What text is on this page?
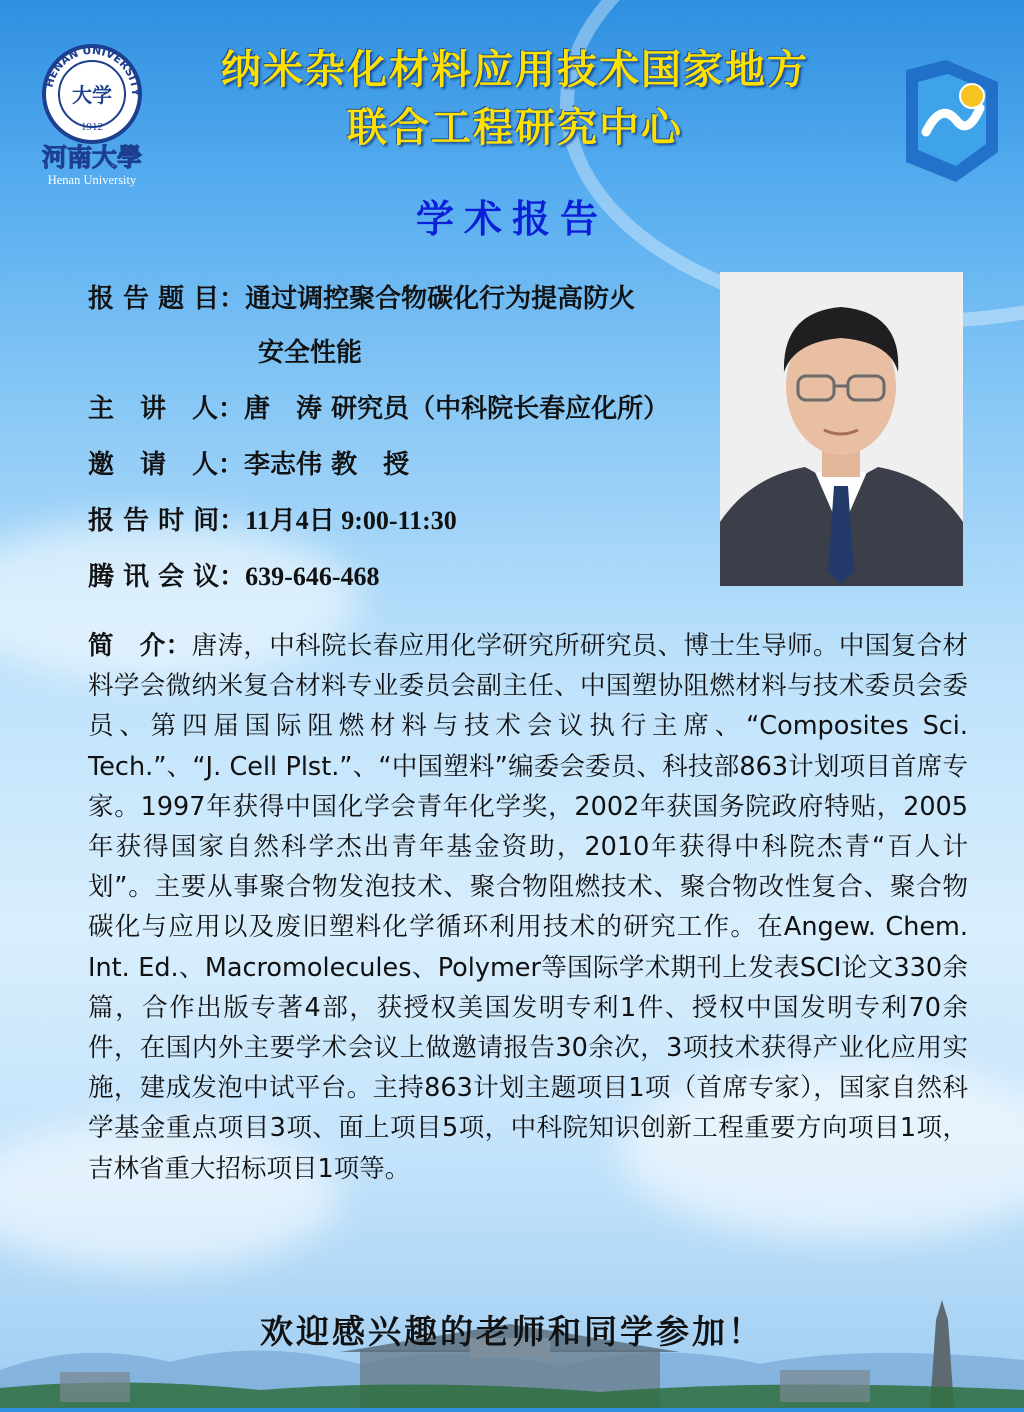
HENAN UNIVERSITY
大学
1912
河南大學
Henan University
纳米杂化材料应用技术国家地方
联合工程研究中心
学术报告
报 告 题 目：通过调控聚合物碳化行为提高防火
安全性能
主　讲　人：唐　涛 研究员（中科院长春应化所）
邀　请　人：李志伟 教　授
报 告 时 间：11月4日 9:00-11:30
腾 讯 会 议：639-646-468
简　介：唐涛，中科院长春应用化学研究所研究员、博士生导师。中国复合材料学会微纳米复合材料专业委员会副主任、中国塑协阻燃材料与技术委员会委员、第四届国际阻燃材料与技术会议执行主席、“Composites Sci. Tech.”、“J. Cell Plst.”、“中国塑料”编委会委员、科技部863计划项目首席专家。1997年获得中国化学会青年化学奖，2002年获国务院政府特贴，2005年获得国家自然科学杰出青年基金资助，2010年获得中科院杰青“百人计划”。主要从事聚合物发泡技术、聚合物阻燃技术、聚合物改性复合、聚合物碳化与应用以及废旧塑料化学循环利用技术的研究工作。在Angew. Chem. Int. Ed.、Macromolecules、Polymer等国际学术期刊上发表SCI论文330余篇，合作出版专著4部，获授权美国发明专利1件、授权中国发明专利70余件，在国内外主要学术会议上做邀请报告30余次，3项技术获得产业化应用实施，建成发泡中试平台。主持863计划主题项目1项（首席专家），国家自然科学基金重点项目3项、面上项目5项，中科院知识创新工程重要方向项目1项，吉林省重大招标项目1项等。
欢迎感兴趣的老师和同学参加！
